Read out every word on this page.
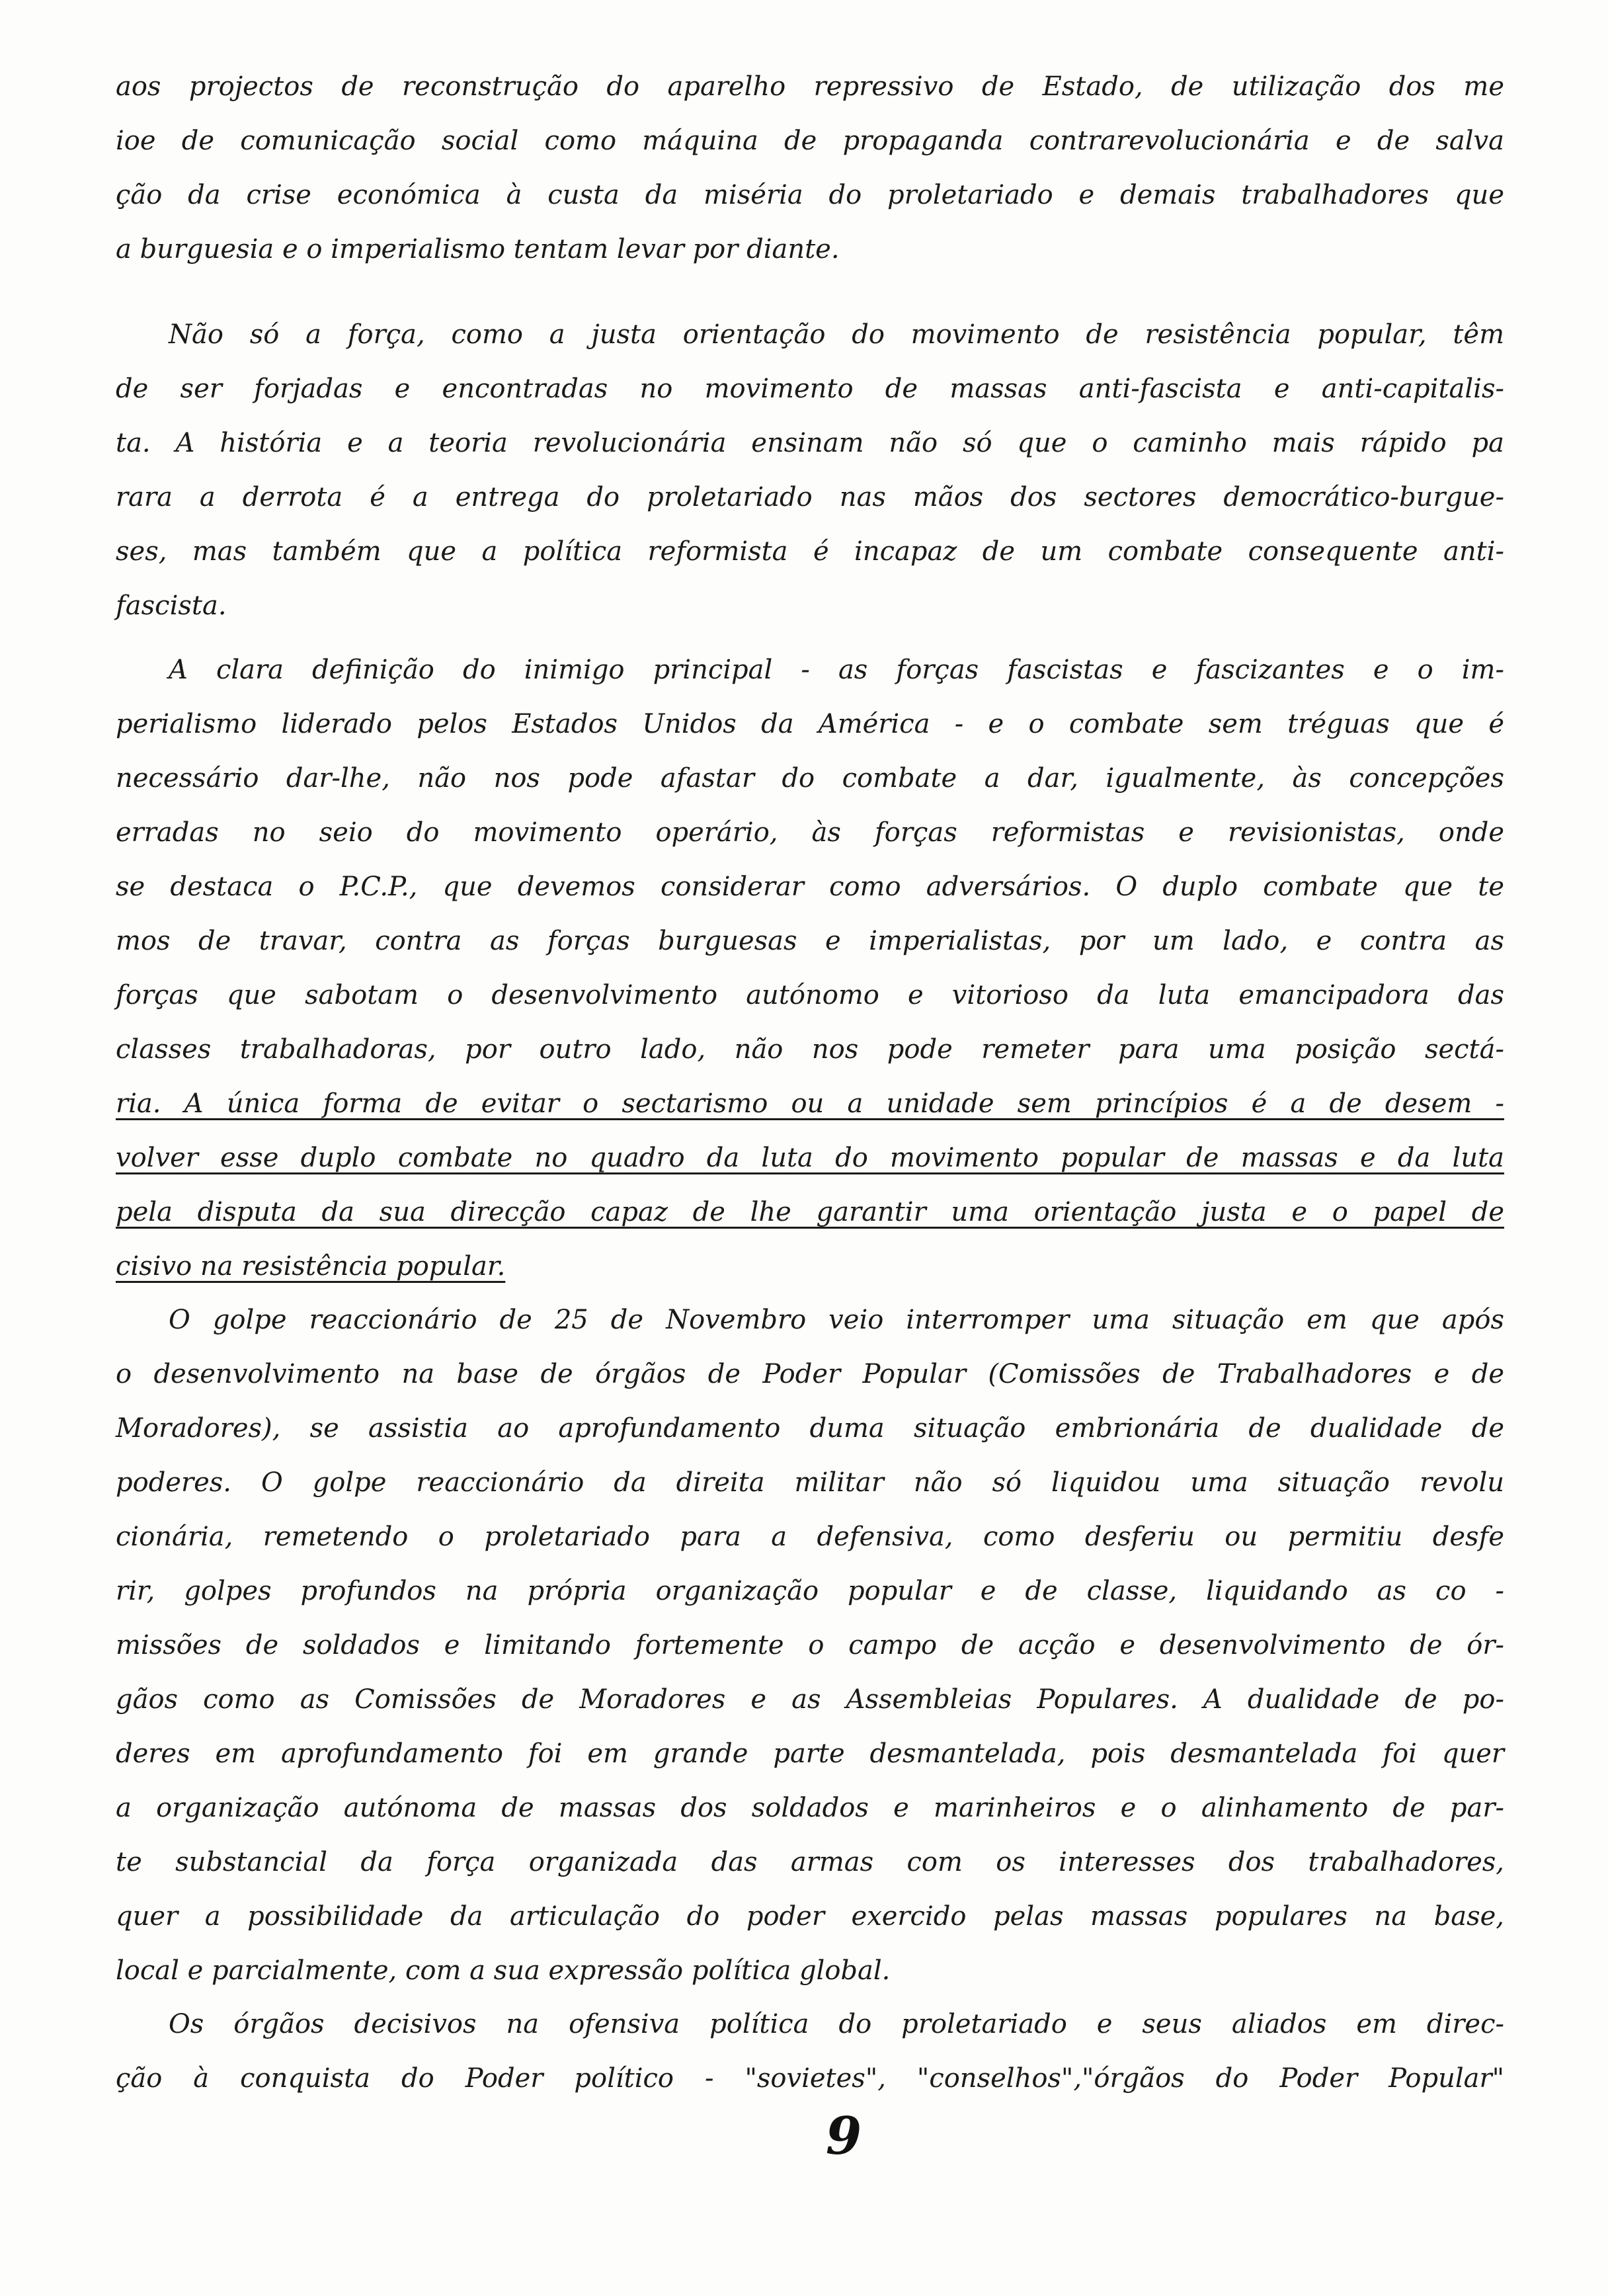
aos projectos de reconstrução do aparelho repressivo de Estado, de utilização dos me
ioe de comunicação social como máquina de propaganda contrarevolucionária e de salva
ção da crise económica à custa da miséria do proletariado e demais trabalhadores que
a burguesia e o imperialismo tentam levar por diante.
Não só a força, como a justa orientação do movimento de resistência popular, têm
de ser forjadas e encontradas no movimento de massas anti-fascista e anti-capitalis-
ta. A história e a teoria revolucionária ensinam não só que o caminho mais rápido pa
rara a derrota é a entrega do proletariado nas mãos dos sectores democrático-burgue-
ses, mas também que a política reformista é incapaz de um combate consequente anti-
fascista.
A clara definição do inimigo principal - as forças fascistas e fascizantes e o im-
perialismo liderado pelos Estados Unidos da América - e o combate sem tréguas que é
necessário dar-lhe, não nos pode afastar do combate a dar, igualmente, às concepções
erradas no seio do movimento operário, às forças reformistas e revisionistas, onde
se destaca o P.C.P., que devemos considerar como adversários. O duplo combate que te
mos de travar, contra as forças burguesas e imperialistas, por um lado, e contra as
forças que sabotam o desenvolvimento autónomo e vitorioso da luta emancipadora das
classes trabalhadoras, por outro lado, não nos pode remeter para uma posição sectá-
ria. A única forma de evitar o sectarismo ou a unidade sem princípios é a de desem -
volver esse duplo combate no quadro da luta do movimento popular de massas e da luta
pela disputa da sua direcção capaz de lhe garantir uma orientação justa e o papel de
cisivo na resistência popular.
O golpe reaccionário de 25 de Novembro veio interromper uma situação em que após
o desenvolvimento na base de órgãos de Poder Popular (Comissões de Trabalhadores e de
Moradores), se assistia ao aprofundamento duma situação embrionária de dualidade de
poderes. O golpe reaccionário da direita militar não só liquidou uma situação revolu
cionária, remetendo o proletariado para a defensiva, como desferiu ou permitiu desfe
rir, golpes profundos na própria organização popular e de classe, liquidando as co -
missões de soldados e limitando fortemente o campo de acção e desenvolvimento de ór-
gãos como as Comissões de Moradores e as Assembleias Populares. A dualidade de po-
deres em aprofundamento foi em grande parte desmantelada, pois desmantelada foi quer
a organização autónoma de massas dos soldados e marinheiros e o alinhamento de par-
te substancial da força organizada das armas com os interesses dos trabalhadores,
quer a possibilidade da articulação do poder exercido pelas massas populares na base,
local e parcialmente, com a sua expressão política global.
Os órgãos decisivos na ofensiva política do proletariado e seus aliados em direc-
ção à conquista do Poder político - "sovietes", "conselhos","órgãos do Poder Popular"
9
